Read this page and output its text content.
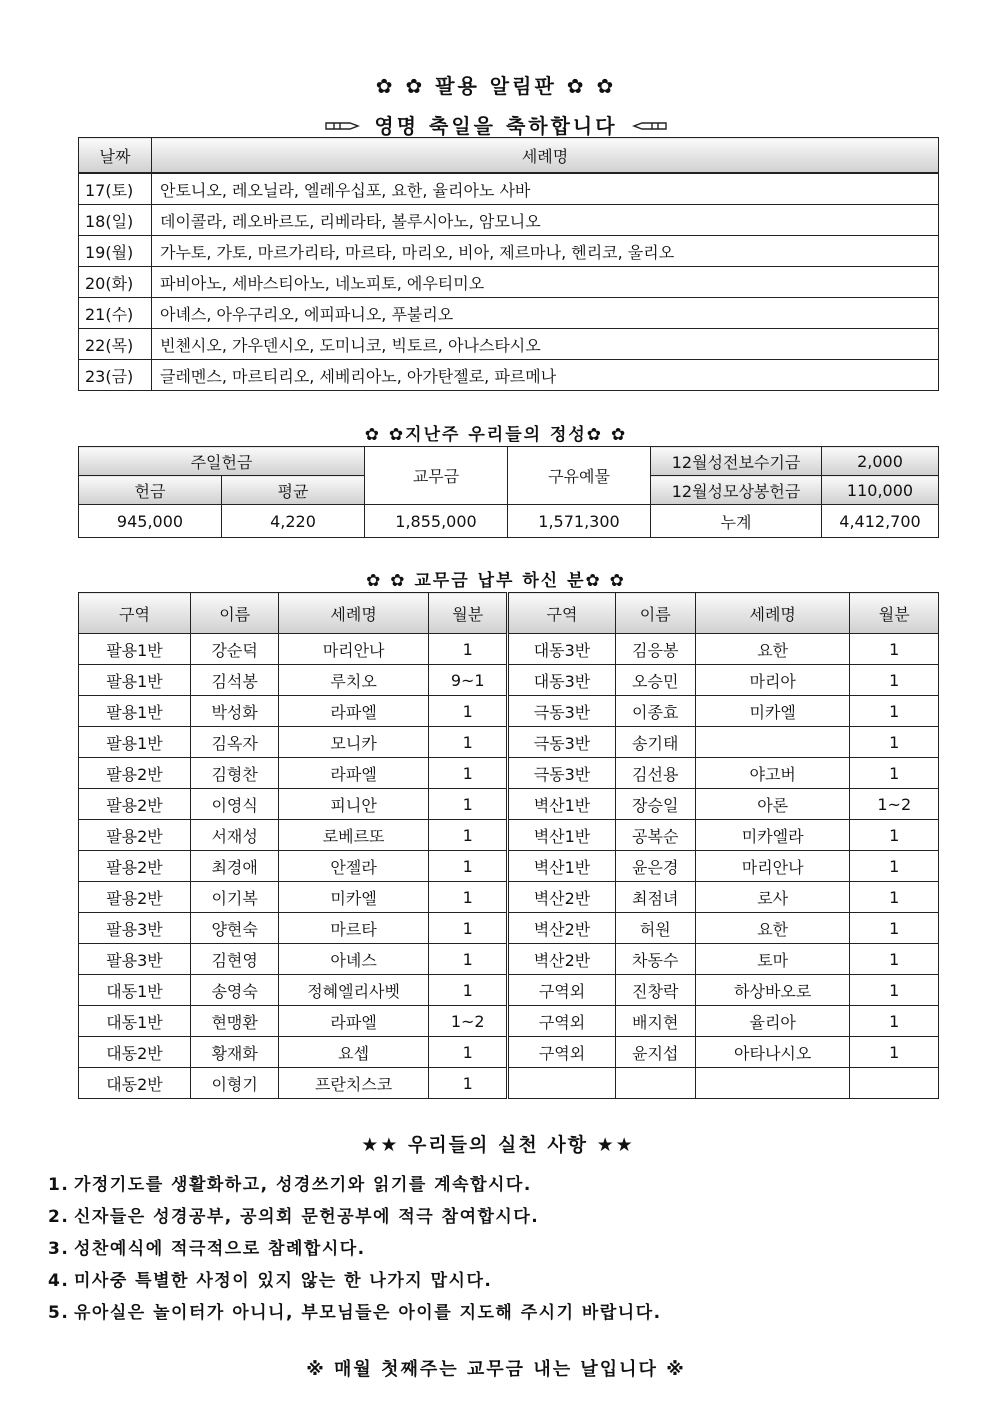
✿ ✿ 팔용 알림판 ✿ ✿
영명 축일을 축하합니다
날짜	세례명
17(토)	안토니오, 레오닐라, 엘레우십포, 요한, 율리아노 사바
18(일)	데이콜라, 레오바르도, 리베라타, 볼루시아노, 암모니오
19(월)	가누토, 가토, 마르가리타, 마르타, 마리오, 비아, 제르마나, 헨리코, 울리오
20(화)	파비아노, 세바스티아노, 네노피토, 에우티미오
21(수)	아녜스, 아우구리오, 에피파니오, 푸불리오
22(목)	빈첸시오, 가우덴시오, 도미니코, 빅토르, 아나스타시오
23(금)	글레멘스, 마르티리오, 세베리아노, 아가탄젤로, 파르메나
✿ ✿지난주 우리들의 정성✿ ✿
주일헌금		교무금	구유예물	12월성전보수기금	2,000
헌금	평균			12월성모상봉헌금	110,000
945,000	4,220	1,855,000	1,571,300	누계	4,412,700
✿ ✿ 교무금 납부 하신 분✿ ✿
구역	이름	세례명	월분	구역	이름	세례명	월분
팔용1반	강순덕	마리안나	1	대동3반	김응봉	요한	1
팔용1반	김석봉	루치오	9~1	대동3반	오승민	마리아	1
팔용1반	박성화	라파엘	1	극동3반	이종효	미카엘	1
팔용1반	김옥자	모니카	1	극동3반	송기태		1
팔용2반	김형찬	라파엘	1	극동3반	김선용	야고버	1
팔용2반	이영식	피니안	1	벽산1반	장승일	아론	1~2
팔용2반	서재성	로베르또	1	벽산1반	공복순	미카엘라	1
팔용2반	최경애	안젤라	1	벽산1반	윤은경	마리안나	1
팔용2반	이기복	미카엘	1	벽산2반	최점녀	로사	1
팔용3반	양현숙	마르타	1	벽산2반	허원	요한	1
팔용3반	김현영	아녜스	1	벽산2반	차동수	토마	1
대동1반	송영숙	정혜엘리사벳	1	구역외	진창락	하상바오로	1
대동1반	현맹환	라파엘	1~2	구역외	배지현	율리아	1
대동2반	황재화	요셉	1	구역외	윤지섭	아타나시오	1
대동2반	이형기	프란치스코	1				
★★ 우리들의 실천 사항 ★★
1. 가정기도를 생활화하고, 성경쓰기와 읽기를 계속합시다.
2. 신자들은 성경공부, 공의회 문헌공부에 적극 참여합시다.
3. 성찬예식에 적극적으로 참례합시다.
4. 미사중 특별한 사정이 있지 않는 한 나가지 맙시다.
5. 유아실은 놀이터가 아니니, 부모님들은 아이를 지도해 주시기 바랍니다.
※ 매월 첫째주는 교무금 내는 날입니다 ※
